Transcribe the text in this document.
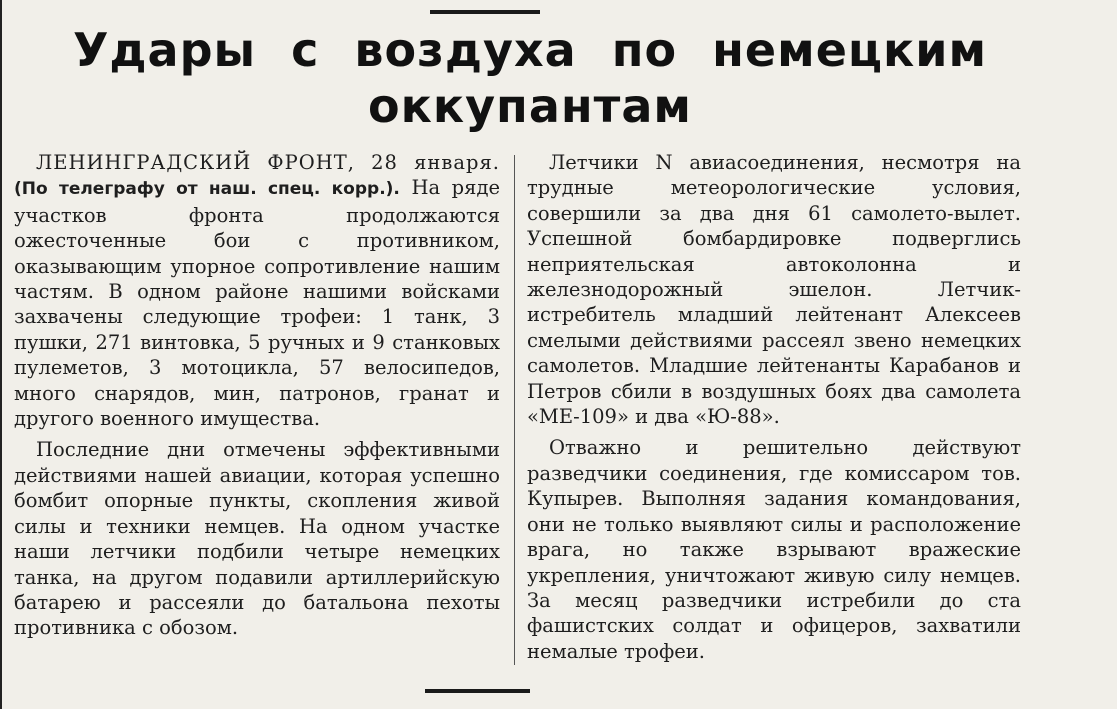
Удары с воздуха по немецким
оккупантам

ЛЕНИНГРАДСКИЙ ФРОНТ, 28 января. (По телеграфу от наш. спец. корр.). На ряде участков фронта продолжаются ожесточенные бои с противником, оказывающим упорное сопротивление нашим частям. В одном районе нашими войсками захвачены следующие трофеи: 1 танк, 3 пушки, 271 винтовка, 5 ручных и 9 станковых пулеметов, 3 мотоцикла, 57 велосипедов, много снарядов, мин, патронов, гранат и другого военного имущества.

Последние дни отмечены эффективными действиями нашей авиации, которая успешно бомбит опорные пункты, скопления живой силы и техники немцев. На одном участке наши летчики подбили четыре немецких танка, на другом подавили артиллерийскую батарею и рассеяли до батальона пехоты противника с обозом.

Летчики N авиасоединения, несмотря на трудные метеорологические условия, совершили за два дня 61 самолето-вылет. Успешной бомбардировке подверглись неприятельская автоколонна и железнодорожный эшелон. Летчик-истребитель младший лейтенант Алексеев смелыми действиями рассеял звено немецких самолетов. Младшие лейтенанты Карабанов и Петров сбили в воздушных боях два самолета «МЕ-109» и два «Ю-88».

Отважно и решительно действуют разведчики соединения, где комиссаром тов. Купырев. Выполняя задания командования, они не только выявляют силы и расположение врага, но также взрывают вражеские укрепления, уничтожают живую силу немцев. За месяц разведчики истребили до ста фашистских солдат и офицеров, захватили немалые трофеи.
